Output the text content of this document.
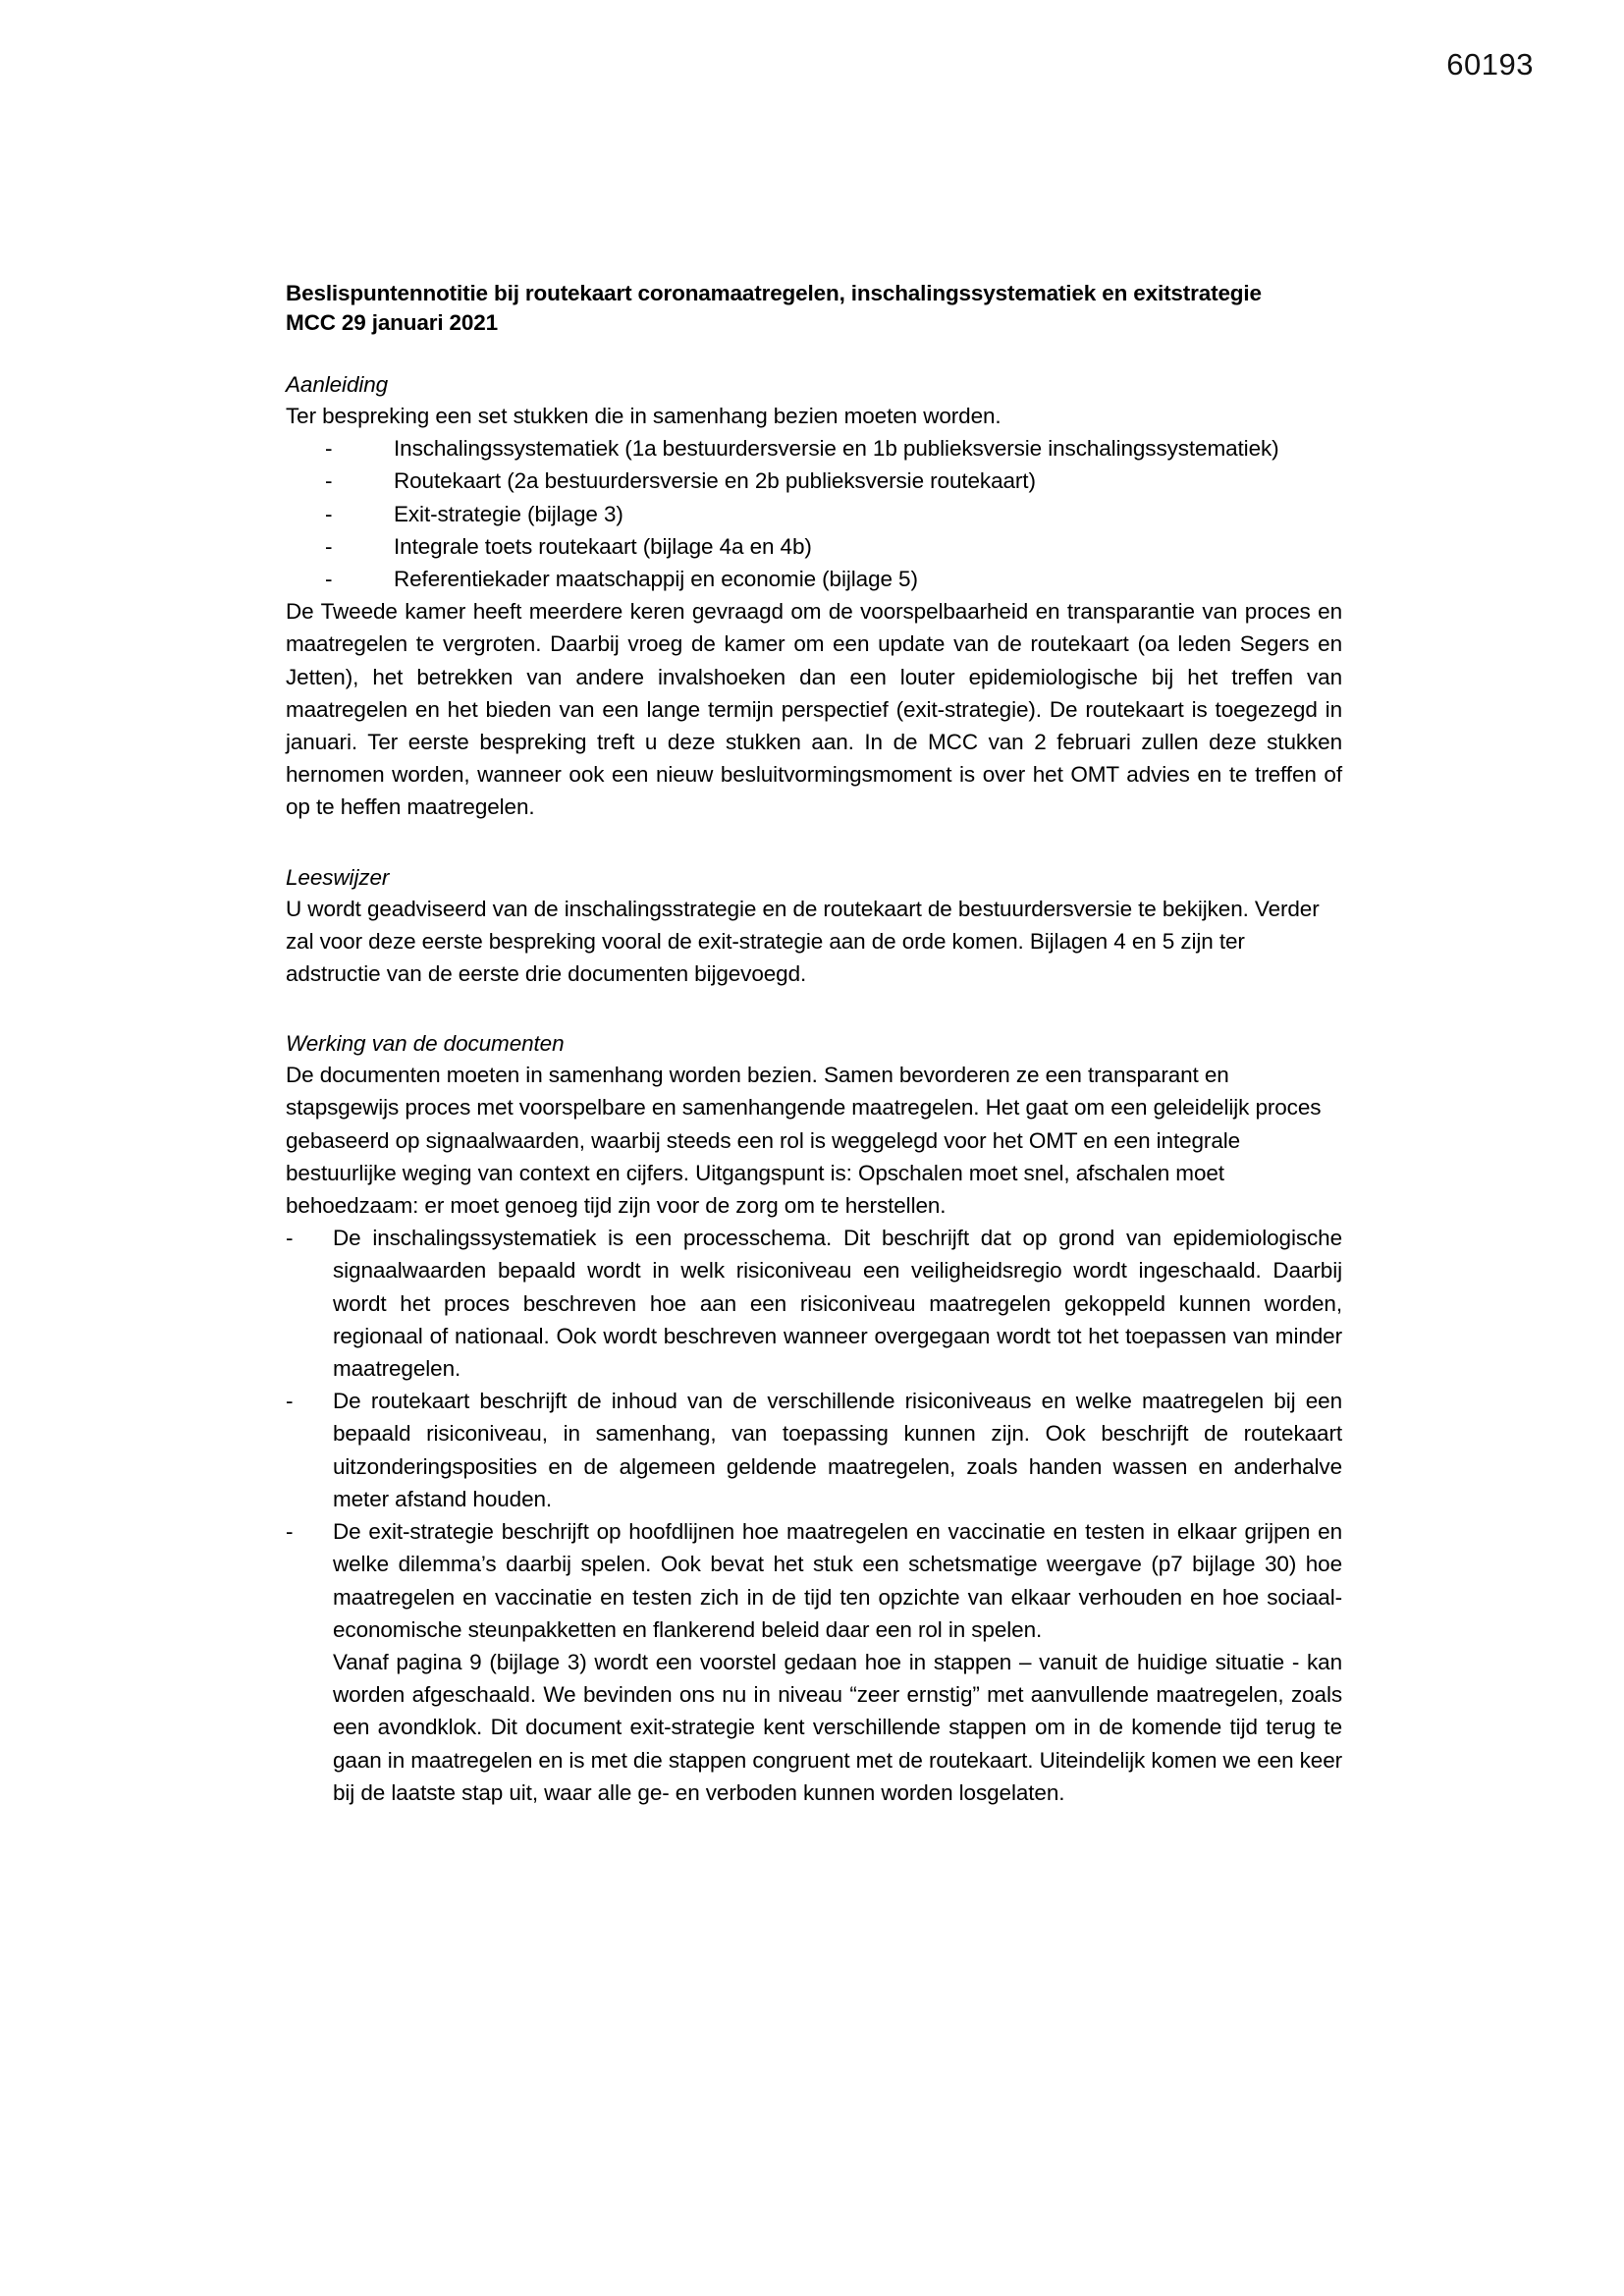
60193
Beslispuntennotitie bij routekaart coronamaatregelen, inschalingssystematiek en exitstrategie
MCC 29 januari 2021
Aanleiding

Ter bespreking een set stukken die in samenhang bezien moeten worden.

-	Inschalingssystematiek (1a bestuurdersversie en 1b publieksversie inschalingssystematiek)
-	Routekaart (2a bestuurdersversie en 2b publieksversie routekaart)
-	Exit-strategie (bijlage 3)
-	Integrale toets routekaart (bijlage 4a en 4b)
-	Referentiekader maatschappij en economie (bijlage 5)

De Tweede kamer heeft meerdere keren gevraagd om de voorspelbaarheid en transparantie van proces en maatregelen te vergroten. Daarbij vroeg de kamer om een update van de routekaart (oa leden Segers en Jetten), het betrekken van andere invalshoeken dan een louter epidemiologische bij het treffen van maatregelen en het bieden van een lange termijn perspectief (exit-strategie). De routekaart is toegezegd in januari. Ter eerste bespreking treft u deze stukken aan. In de MCC van 2 februari zullen deze stukken hernomen worden, wanneer ook een nieuw besluitvormingsmoment is over het OMT advies en te treffen of op te heffen maatregelen.

Leeswijzer

U wordt geadviseerd van de inschalingsstrategie en de routekaart de bestuurdersversie te bekijken. Verder zal voor deze eerste bespreking vooral de exit-strategie aan de orde komen. Bijlagen 4 en 5 zijn ter adstructie van de eerste drie documenten bijgevoegd.

Werking van de documenten

De documenten moeten in samenhang worden bezien. Samen bevorderen ze een transparant en stapsgewijs proces met voorspelbare en samenhangende maatregelen. Het gaat om een geleidelijk proces gebaseerd op signaalwaarden, waarbij steeds een rol is weggelegd voor het OMT en een integrale bestuurlijke weging van context en cijfers. Uitgangspunt is: Opschalen moet snel, afschalen moet behoedzaam: er moet genoeg tijd zijn voor de zorg om te herstellen.

- De inschalingssystematiek is een processchema. Dit beschrijft dat op grond van epidemiologische signaalwaarden bepaald wordt in welk risiconiveau een veiligheidsregio wordt ingeschaald. Daarbij wordt het proces beschreven hoe aan een risiconiveau maatregelen gekoppeld kunnen worden, regionaal of nationaal. Ook wordt beschreven wanneer overgegaan wordt tot het toepassen van minder maatregelen.
- De routekaart beschrijft de inhoud van de verschillende risiconiveaus en welke maatregelen bij een bepaald risiconiveau, in samenhang, van toepassing kunnen zijn. Ook beschrijft de routekaart uitzonderingsposities en de algemeen geldende maatregelen, zoals handen wassen en anderhalve meter afstand houden.
- De exit-strategie beschrijft op hoofdlijnen hoe maatregelen en vaccinatie en testen in elkaar grijpen en welke dilemma’s daarbij spelen. Ook bevat het stuk een schetsmatige weergave (p7 bijlage 30) hoe maatregelen en vaccinatie en testen zich in de tijd ten opzichte van elkaar verhouden en hoe sociaal-economische steunpakketten en flankerend beleid daar een rol in spelen.
Vanaf pagina 9 (bijlage 3) wordt een voorstel gedaan hoe in stappen – vanuit de huidige situatie - kan worden afgeschaald. We bevinden ons nu in niveau “zeer ernstig” met aanvullende maatregelen, zoals een avondklok. Dit document exit-strategie kent verschillende stappen om in de komende tijd terug te gaan in maatregelen en is met die stappen congruent met de routekaart. Uiteindelijk komen we een keer bij de laatste stap uit, waar alle ge- en verboden kunnen worden losgelaten.
